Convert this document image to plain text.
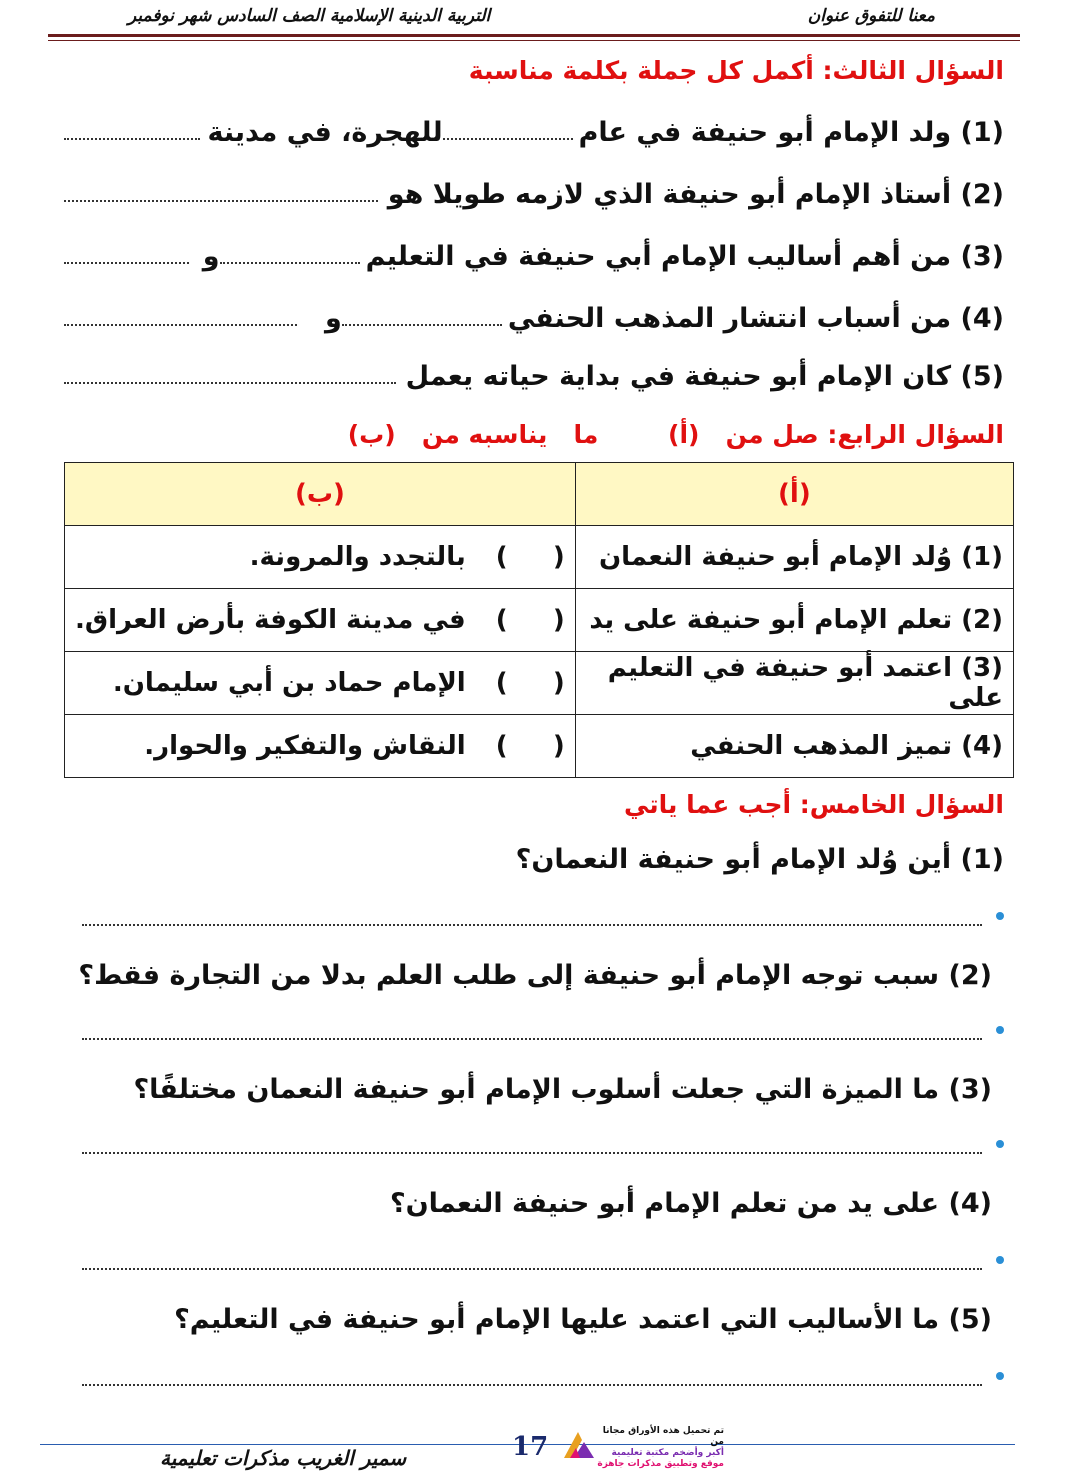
معنا للتفوق عنوان
التربية الدينية الإسلامية الصف السادس شهر نوفمبر
السؤال الثالث: أكمل كل جملة بكلمة مناسبة
(1) ولد الإمام أبو حنيفة في عام
للهجرة، في مدينة
(2) أستاذ الإمام أبو حنيفة الذي لازمه طويلا هو
(3) من أهم أساليب الإمام أبي حنيفة في التعليم
و
(4) من أسباب انتشار المذهب الحنفي
و
(5) كان الإمام أبو حنيفة في بداية حياته يعمل
السؤال الرابع: صل من   (أ)        ما   يناسبه من   (ب)
(أ)	(ب)
(1) وُلد الإمام أبو حنيفة النعمان	(     ) بالتجدد والمرونة.
(2) تعلم الإمام أبو حنيفة على يد	(     ) في مدينة الكوفة بأرض العراق.
(3) اعتمد أبو حنيفة في التعليم على	(     ) الإمام حماد بن أبي سليمان.
(4) تميز المذهب الحنفي	(     ) النقاش والتفكير والحوار.
السؤال الخامس: أجب عما ياتي
(1) أين وُلد الإمام أبو حنيفة النعمان؟
(2) سبب توجه الإمام أبو حنيفة إلى طلب العلم بدلا من التجارة فقط؟
(3) ما الميزة التي جعلت أسلوب الإمام أبو حنيفة النعمان مختلفًا؟
(4) على يد من تعلم الإمام أبو حنيفة النعمان؟
(5) ما الأساليب التي اعتمد عليها الإمام أبو حنيفة في التعليم؟
سمير الغريب مذكرات تعليمية	17
تم تحميل هذه الأوراق مجانا من
أكبر وأضخم مكتبة تعليمية
موقع وتطبيق مذكرات جاهزة
